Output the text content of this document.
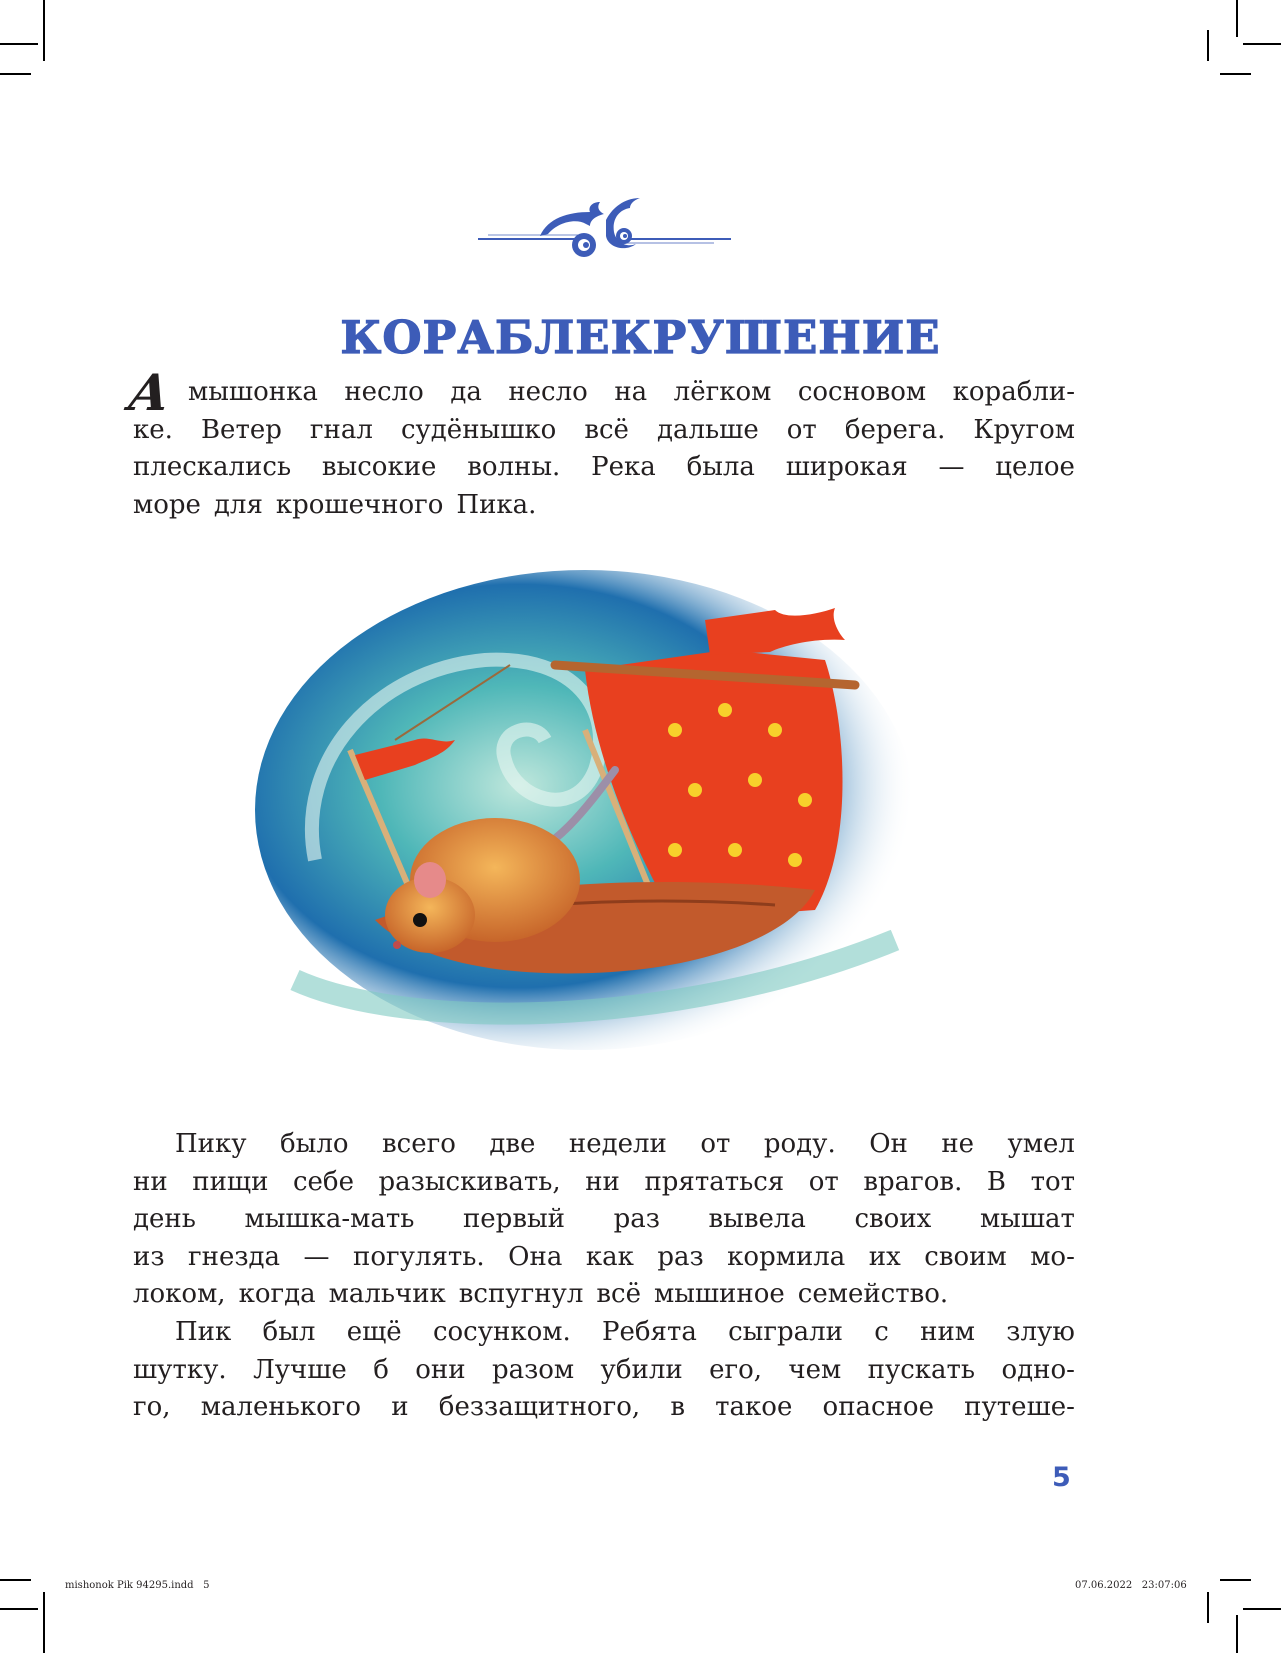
КОРАБЛЕКРУШЕНИЕ
А мышонка несло да несло на лёгком сосновом корабли-
ке. Ветер гнал судёнышко всё дальше от берега. Кругом
плескались высокие волны. Река была широкая — целое
море для крошечного Пика.
Пику было всего две недели от роду. Он не умел
ни пищи себе разыскивать, ни прятаться от врагов. В тот
день мышка-мать первый раз вывела своих мышат
из гнезда — погулять. Она как раз кормила их своим мо-
локом, когда мальчик вспугнул всё мышиное семейство.
Пик был ещё сосунком. Ребята сыграли с ним злую
шутку. Лучше б они разом убили его, чем пускать одно-
го, маленького и беззащитного, в такое опасное путеше-
5
mishonok Pik 94295.indd   5	07.06.2022   23:07:06
